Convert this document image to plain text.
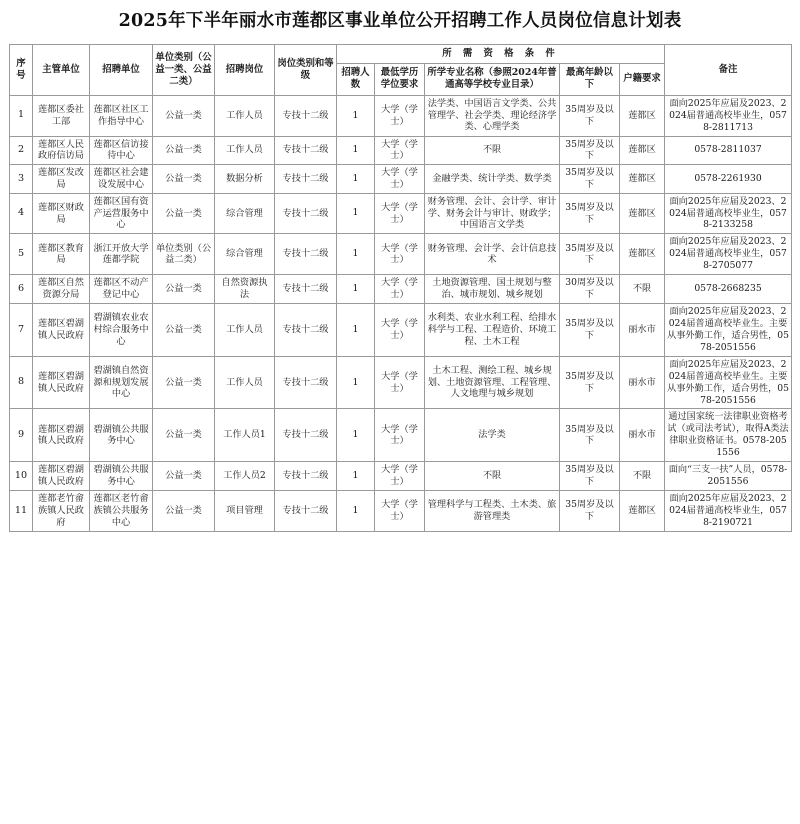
2025年下半年丽水市莲都区事业单位公开招聘工作人员岗位信息计划表
序号	主管单位	招聘单位	单位类别（公益一类、公益二类）	招聘岗位	岗位类别和等级	所 需 资 格 条 件					备注
						招聘人数	最低学历学位要求	所学专业名称（参照2024年普通高等学校专业目录）	最高年龄以下	户籍要求	
1	莲都区委社工部	莲都区社区工作指导中心	公益一类	工作人员	专技十二级	1	大学（学士）	法学类、中国语言文学类、公共管理学、社会学类、理论经济学类、心理学类	35周岁及以下	莲都区	面向2025年应届及2023、2024届普通高校毕业生，0578-2811713
2	莲都区人民政府信访局	莲都区信访接待中心	公益一类	工作人员	专技十二级	1	大学（学士）	不限	35周岁及以下	莲都区	0578-2811037
3	莲都区发改局	莲都区社会建设发展中心	公益一类	数据分析	专技十二级	1	大学（学士）	金融学类、统计学类、数学类	35周岁及以下	莲都区	0578-2261930
4	莲都区财政局	莲都区国有资产运营服务中心	公益一类	综合管理	专技十二级	1	大学（学士）	财务管理、会计、会计学、审计学、财务会计与审计、财政学；中国语言文学类	35周岁及以下	莲都区	面向2025年应届及2023、2024届普通高校毕业生，0578-2133258
5	莲都区教育局	浙江开放大学莲都学院	单位类别（公益二类）	综合管理	专技十二级	1	大学（学士）	财务管理、会计学、会计信息技术	35周岁及以下	莲都区	面向2025年应届及2023、2024届普通高校毕业生，0578-2705077
6	莲都区自然资源分局	莲都区不动产登记中心	公益一类	自然资源执法	专技十二级	1	大学（学士）	土地资源管理、国土规划与整治、城市规划、城乡规划	30周岁及以下	不限	0578-2668235
7	莲都区碧湖镇人民政府	碧湖镇农业农村综合服务中心	公益一类	工作人员	专技十二级	1	大学（学士）	水利类、农业水利工程、给排水科学与工程、工程造价、环境工程、土木工程	35周岁及以下	丽水市	面向2025年应届及2023、2024届普通高校毕业生。主要从事外勤工作，适合男性，0578-2051556
8	莲都区碧湖镇人民政府	碧湖镇自然资源和规划发展中心	公益一类	工作人员	专技十二级	1	大学（学士）	土木工程、测绘工程、城乡规划、土地资源管理、工程管理、人文地理与城乡规划	35周岁及以下	丽水市	面向2025年应届及2023、2024届普通高校毕业生。主要从事外勤工作，适合男性，0578-2051556
9	莲都区碧湖镇人民政府	碧湖镇公共服务中心	公益一类	工作人员1	专技十二级	1	大学（学士）	法学类	35周岁及以下	丽水市	通过国家统一法律职业资格考试（或司法考试），取得A类法律职业资格证书。0578-2051556
10	莲都区碧湖镇人民政府	碧湖镇公共服务中心	公益一类	工作人员2	专技十二级	1	大学（学士）	不限	35周岁及以下	不限	面向“三支一扶”人员，0578-2051556
11	莲都老竹畲族镇人民政府	莲都区老竹畲族镇公共服务中心	公益一类	项目管理	专技十二级	1	大学（学士）	管理科学与工程类、土木类、旅游管理类	35周岁及以下	莲都区	面向2025年应届及2023、2024届普通高校毕业生，0578-2190721
